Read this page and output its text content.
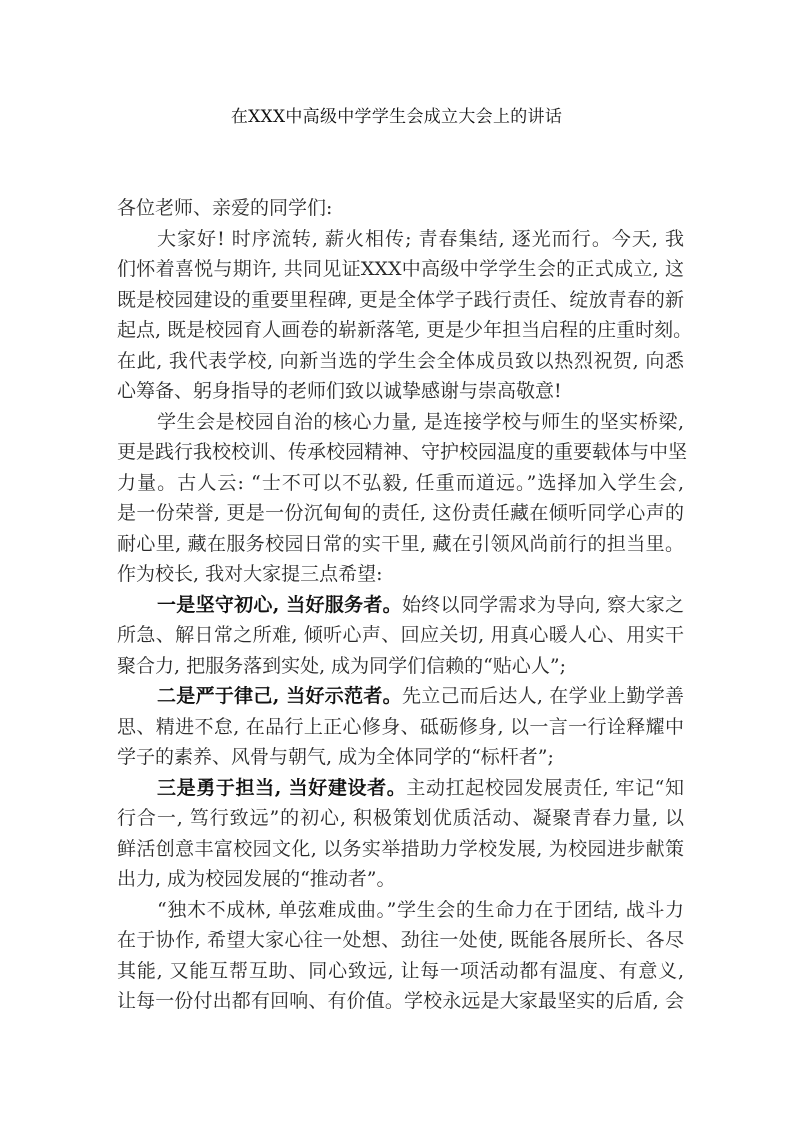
在XXX中高级中学学生会成立大会上的讲话
各位老师、亲爱的同学们:
大家好! 时序流转, 薪火相传; 青春集结, 逐光而行。今天, 我
们怀着喜悦与期许, 共同见证XXX中高级中学学生会的正式成立, 这
既是校园建设的重要里程碑, 更是全体学子践行责任、绽放青春的新
起点, 既是校园育人画卷的崭新落笔, 更是少年担当启程的庄重时刻。
在此, 我代表学校, 向新当选的学生会全体成员致以热烈祝贺, 向悉
心筹备、躬身指导的老师们致以诚挚感谢与崇高敬意!
学生会是校园自治的核心力量, 是连接学校与师生的坚实桥梁,
更是践行我校校训、传承校园精神、守护校园温度的重要载体与中坚
力量。古人云: “士不可以不弘毅, 任重而道远。”选择加入学生会,
是一份荣誉, 更是一份沉甸甸的责任, 这份责任藏在倾听同学心声的
耐心里, 藏在服务校园日常的实干里, 藏在引领风尚前行的担当里。
作为校长, 我对大家提三点希望:
一是坚守初心, 当好服务者。始终以同学需求为导向, 察大家之
所急、解日常之所难, 倾听心声、回应关切, 用真心暖人心、用实干
聚合力, 把服务落到实处, 成为同学们信赖的“贴心人”;
二是严于律己, 当好示范者。先立己而后达人, 在学业上勤学善
思、精进不怠, 在品行上正心修身、砥砺修身, 以一言一行诠释耀中
学子的素养、风骨与朝气, 成为全体同学的“标杆者”;
三是勇于担当, 当好建设者。主动扛起校园发展责任, 牢记“知
行合一, 笃行致远”的初心, 积极策划优质活动、凝聚青春力量, 以
鲜活创意丰富校园文化, 以务实举措助力学校发展, 为校园进步献策
出力, 成为校园发展的“推动者”。
“独木不成林, 单弦难成曲。”学生会的生命力在于团结, 战斗力
在于协作, 希望大家心往一处想、劲往一处使, 既能各展所长、各尽
其能, 又能互帮互助、同心致远, 让每一项活动都有温度、有意义,
让每一份付出都有回响、有价值。学校永远是大家最坚实的后盾, 会
